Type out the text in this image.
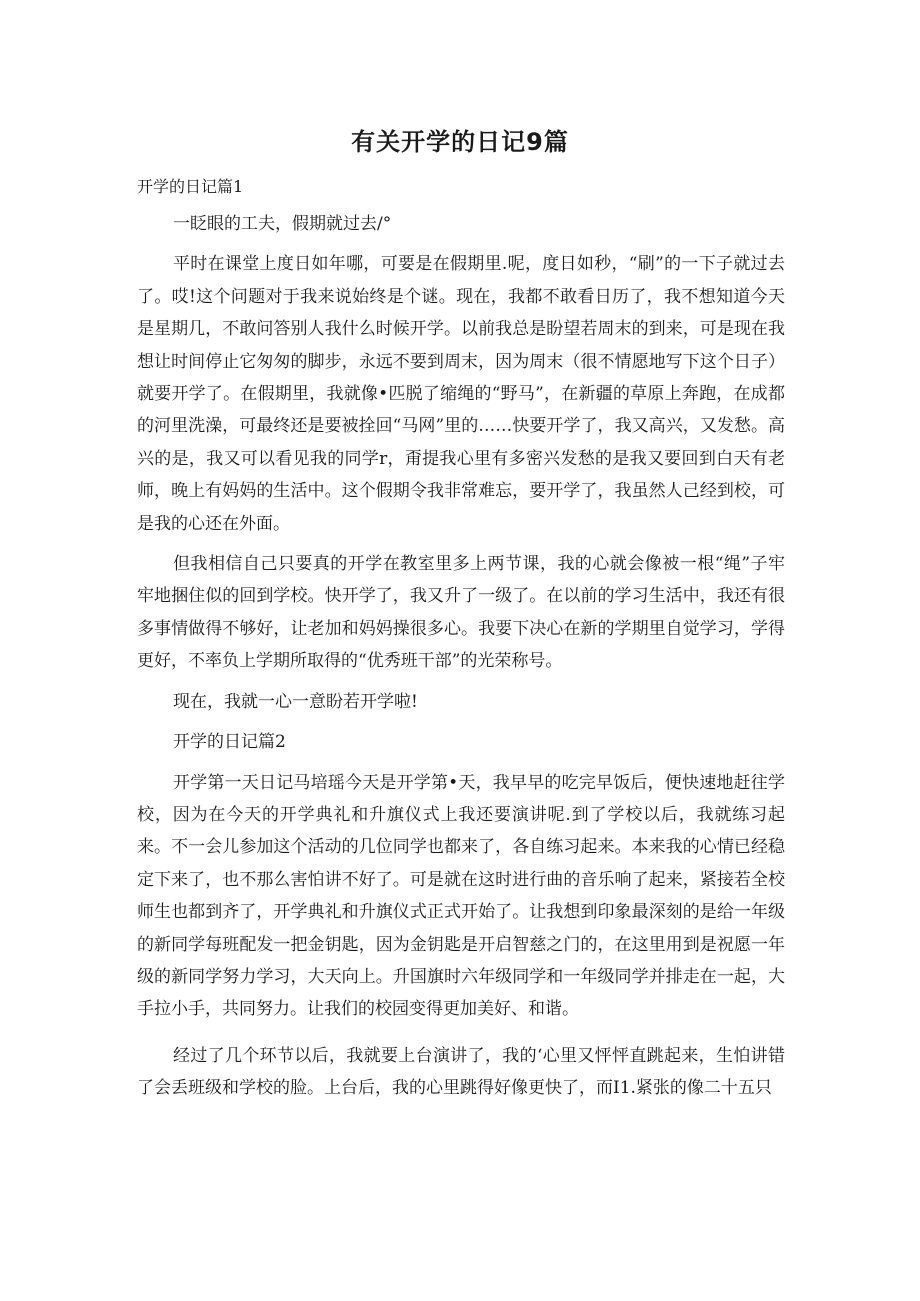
有关开学的日记9篇

开学的日记篇1

一眨眼的工夫，假期就过去/°

平时在课堂上度日如年哪，可要是在假期里.呢，度日如秒，“刷”的一下子就过去了。哎!这个问题对于我来说始终是个谜。现在，我都不敢看日历了，我不想知道今天是星期几，不敢问答别人我什么时候开学。以前我总是盼望若周末的到来，可是现在我想让时间停止它匆匆的脚步，永远不要到周末，因为周末（很不情愿地写下这个日子）就要开学了。在假期里，我就像•匹脱了缩绳的“野马”，在新疆的草原上奔跑，在成都的河里洗澡，可最终还是要被拴回“马网”里的……快要开学了，我又高兴，又发愁。高兴的是，我又可以看见我的同学r，甭提我心里有多密兴发愁的是我又要回到白天有老师，晚上有妈妈的生活中。这个假期令我非常难忘，要开学了，我虽然人己经到校，可是我的心还在外面。

但我相信自己只要真的开学在教室里多上两节课，我的心就会像被一根“绳”子牢牢地捆住似的回到学校。快开学了，我又升了一级了。在以前的学习生活中，我还有很多事情做得不够好，让老加和妈妈操很多心。我要下决心在新的学期里自觉学习，学得更好，不率负上学期所取得的“优秀班干部”的光荣称号。

现在，我就一心一意盼若开学啦!

开学的日记篇2

开学第一天日记马培瑶今天是开学第•天，我早早的吃完早饭后，便快速地赶往学校，因为在今天的开学典礼和升旗仪式上我还要演讲呢.到了学校以后，我就练习起来。不一会儿参加这个活动的几位同学也都来了，各自练习起来。本来我的心情已经稳定下来了，也不那么害怕讲不好了。可是就在这时进行曲的音乐响了起来，紧接若全校师生也都到齐了，开学典礼和升旗仪式正式开始了。让我想到印象最深刻的是给一年级的新同学每班配发一把金钥匙，因为金钥匙是开启智慈之门的，在这里用到是祝愿一年级的新同学努力学习，大天向上。升国旗时六年级同学和一年级同学并排走在一起，大手拉小手，共同努力。让我们的校园变得更加美好、和谐。

经过了几个环节以后，我就要上台演讲了，我的‘心里又怦怦直跳起来，生怕讲错了会丢班级和学校的脸。上台后，我的心里跳得好像更快了，而I1.紧张的像二十五只
